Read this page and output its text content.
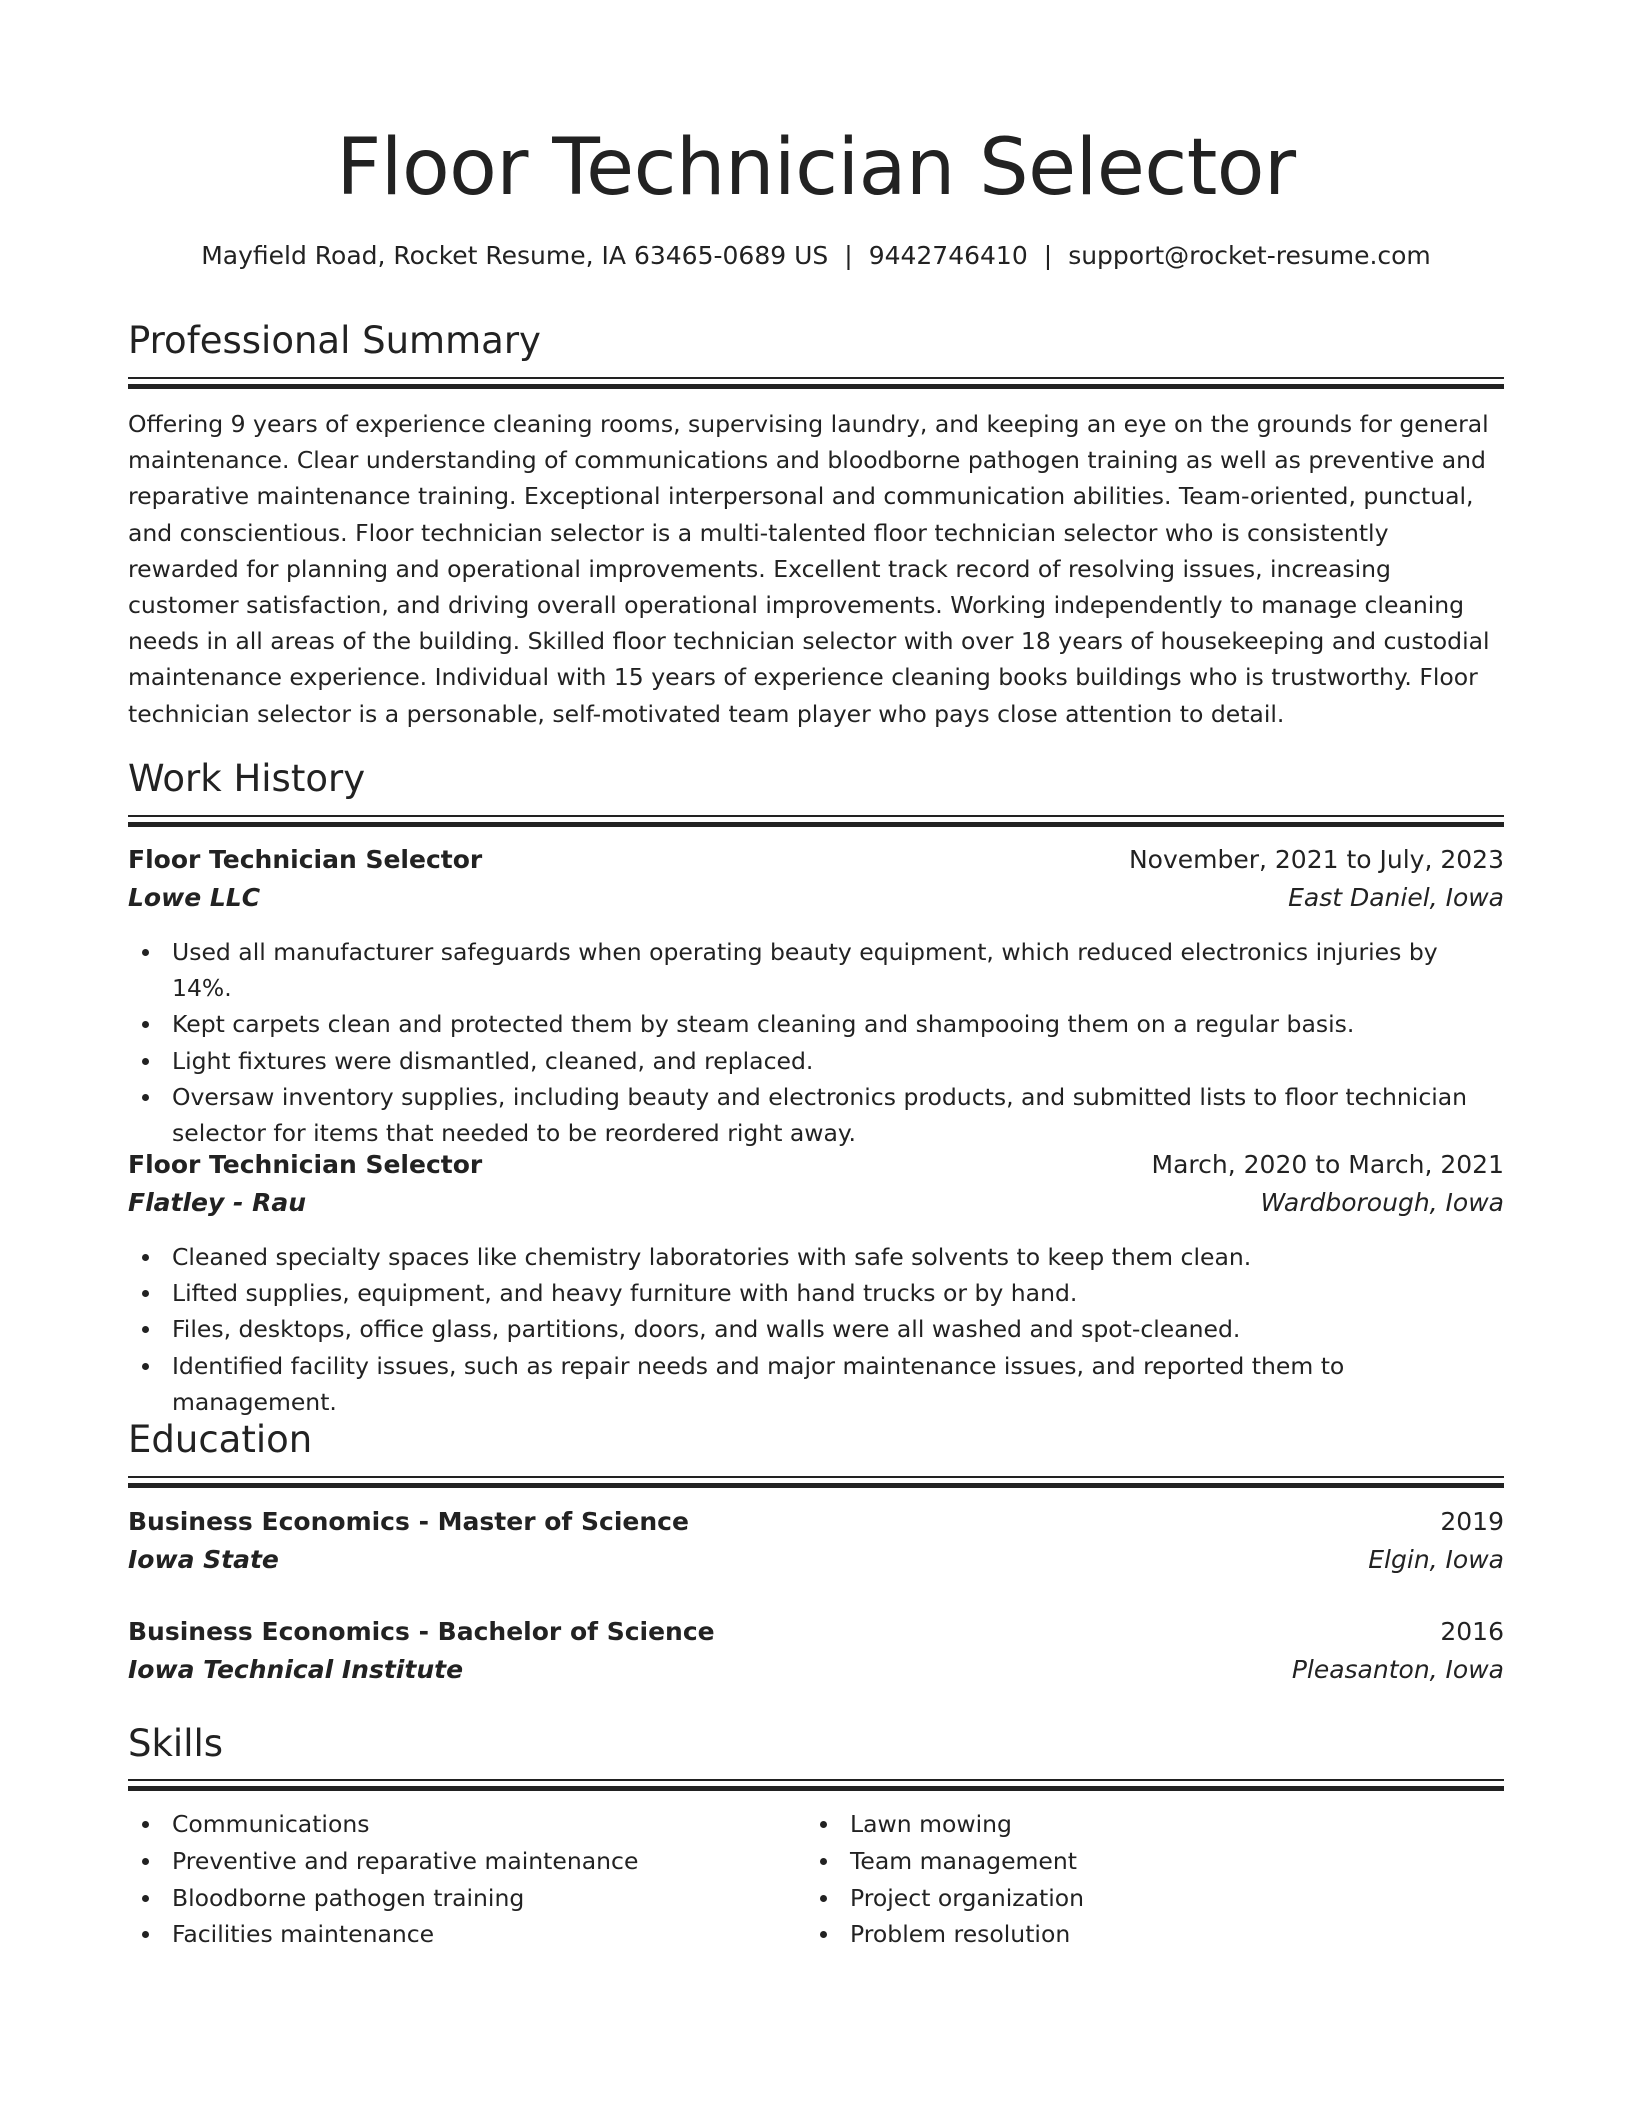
Floor Technician Selector
Mayfield Road, Rocket Resume, IA 63465-0689 US | 9442746410 | support@rocket-resume.com
Professional Summary

Offering 9 years of experience cleaning rooms, supervising laundry, and keeping an eye on the grounds for general maintenance. Clear understanding of communications and bloodborne pathogen training as well as preventive and reparative maintenance training. Exceptional interpersonal and communication abilities. Team-oriented, punctual, and conscientious. Floor technician selector is a multi-talented floor technician selector who is consistently rewarded for planning and operational improvements. Excellent track record of resolving issues, increasing customer satisfaction, and driving overall operational improvements. Working independently to manage cleaning needs in all areas of the building. Skilled floor technician selector with over 18 years of housekeeping and custodial maintenance experience. Individual with 15 years of experience cleaning books buildings who is trustworthy. Floor technician selector is a personable, self-motivated team player who pays close attention to detail.

Work History
Floor Technician Selector	November, 2021 to July, 2023
Lowe LLC	East Daniel, Iowa
Used all manufacturer safeguards when operating beauty equipment, which reduced electronics injuries by 14%.
Kept carpets clean and protected them by steam cleaning and shampooing them on a regular basis.
Light fixtures were dismantled, cleaned, and replaced.
Oversaw inventory supplies, including beauty and electronics products, and submitted lists to floor technician selector for items that needed to be reordered right away.
Floor Technician Selector	March, 2020 to March, 2021
Flatley - Rau	Wardborough, Iowa
Cleaned specialty spaces like chemistry laboratories with safe solvents to keep them clean.
Lifted supplies, equipment, and heavy furniture with hand trucks or by hand.
Files, desktops, office glass, partitions, doors, and walls were all washed and spot-cleaned.
Identified facility issues, such as repair needs and major maintenance issues, and reported them to management.
Education
Business Economics - Master of Science	2019
Iowa State	Elgin, Iowa
Business Economics - Bachelor of Science	2016
Iowa Technical Institute	Pleasanton, Iowa
Skills
Communications
Preventive and reparative maintenance
Bloodborne pathogen training
Facilities maintenance
Lawn mowing
Team management
Project organization
Problem resolution
